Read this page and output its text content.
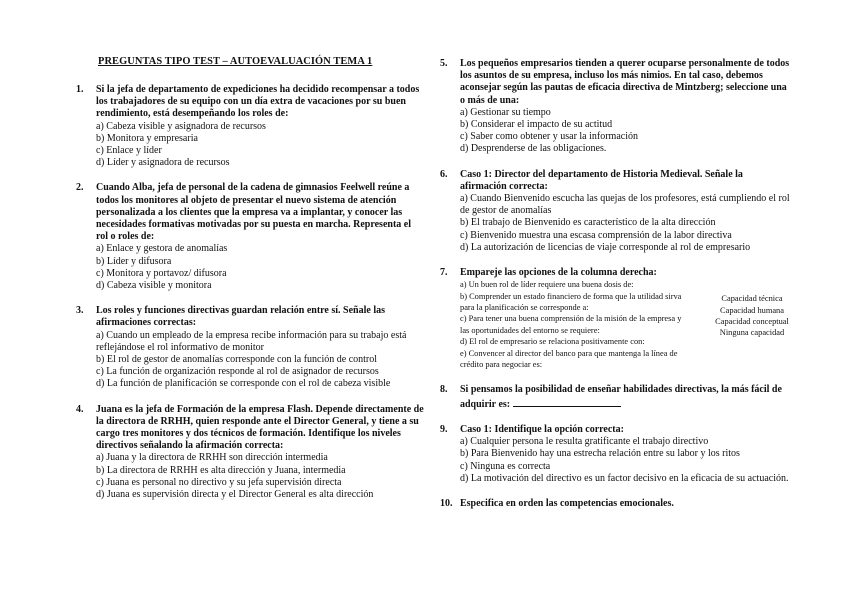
PREGUNTAS TIPO TEST – AUTOEVALUACIÓN TEMA 1
1. Si la jefa de departamento de expediciones ha decidido recompensar a todos los trabajadores de su equipo con un día extra de vacaciones por su buen rendimiento, está desempeñando los roles de:
a) Cabeza visible y asignadora de recursos
b) Monitora y empresaria
c) Enlace y líder
d) Líder y asignadora de recursos
2. Cuando Alba, jefa de personal de la cadena de gimnasios Feelwell reúne a todos los monitores al objeto de presentar el nuevo sistema de atención personalizada a los clientes que la empresa va a implantar, y conocer las necesidades formativas motivadas por su puesta en marcha. Representa el rol o roles de:
a) Enlace y gestora de anomalías
b) Líder y difusora
c) Monitora y portavoz/ difusora
d) Cabeza visible y monitora
3. Los roles y funciones directivas guardan relación entre sí. Señale las afirmaciones correctas:
a) Cuando un empleado de la empresa recibe información para su trabajo está reflejándose el rol informativo de monitor
b) El rol de gestor de anomalías corresponde con la función de control
c) La función de organización responde al rol de asignador de recursos
d) La función de planificación se corresponde con el rol de cabeza visible
4. Juana es la jefa de Formación de la empresa Flash. Depende directamente de la directora de RRHH, quien responde ante el Director General, y tiene a su cargo tres monitores y dos técnicos de formación. Identifique los niveles directivos señalando la afirmación correcta:
a) Juana y la directora de RRHH son dirección intermedia
b) La directora de RRHH es alta dirección y Juana, intermedia
c) Juana es personal no directivo y su jefa supervisión directa
d) Juana es supervisión directa y el Director General es alta dirección
5. Los pequeños empresarios tienden a querer ocuparse personalmente de todos los asuntos de su empresa, incluso los más nimios. En tal caso, debemos aconsejar según las pautas de eficacia directiva de Mintzberg; seleccione una o más de una:
a) Gestionar su tiempo
b) Considerar el impacto de su actitud
c) Saber como obtener y usar la información
d) Desprenderse de las obligaciones.
6. Caso 1: Director del departamento de Historia Medieval. Señale la afirmación correcta:
a) Cuando Bienvenido escucha las quejas de los profesores, está cumpliendo el rol de gestor de anomalías
b) El trabajo de Bienvenido es característico de la alta dirección
c) Bienvenido muestra una escasa comprensión de la labor directiva
d) La autorización de licencias de viaje corresponde al rol de empresario
7. Empareje las opciones de la columna derecha:
a) Un buen rol de líder requiere una buena dosis de:
b) Comprender un estado financiero de forma que la utilidad sirva para la planificación se corresponde a:
c) Para tener una buena comprensión de la misión de la empresa y las oportunidades del entorno se requiere:
d) El rol de empresario se relaciona positivamente con:
e) Convencer al director del banco para que mantenga la línea de crédito para negociar es:
Capacidad técnica
Capacidad humana
Capacidad conceptual
Ninguna capacidad
8. Si pensamos la posibilidad de enseñar habilidades directivas, la más fácil de adquirir es:
9. Caso 1: Identifique la opción correcta:
a) Cualquier persona le resulta gratificante el trabajo directivo
b) Para Bienvenido hay una estrecha relación entre su labor y los ritos
c) Ninguna es correcta
d) La motivación del directivo es un factor decisivo en la eficacia de su actuación.
10. Especifica en orden las competencias emocionales.
